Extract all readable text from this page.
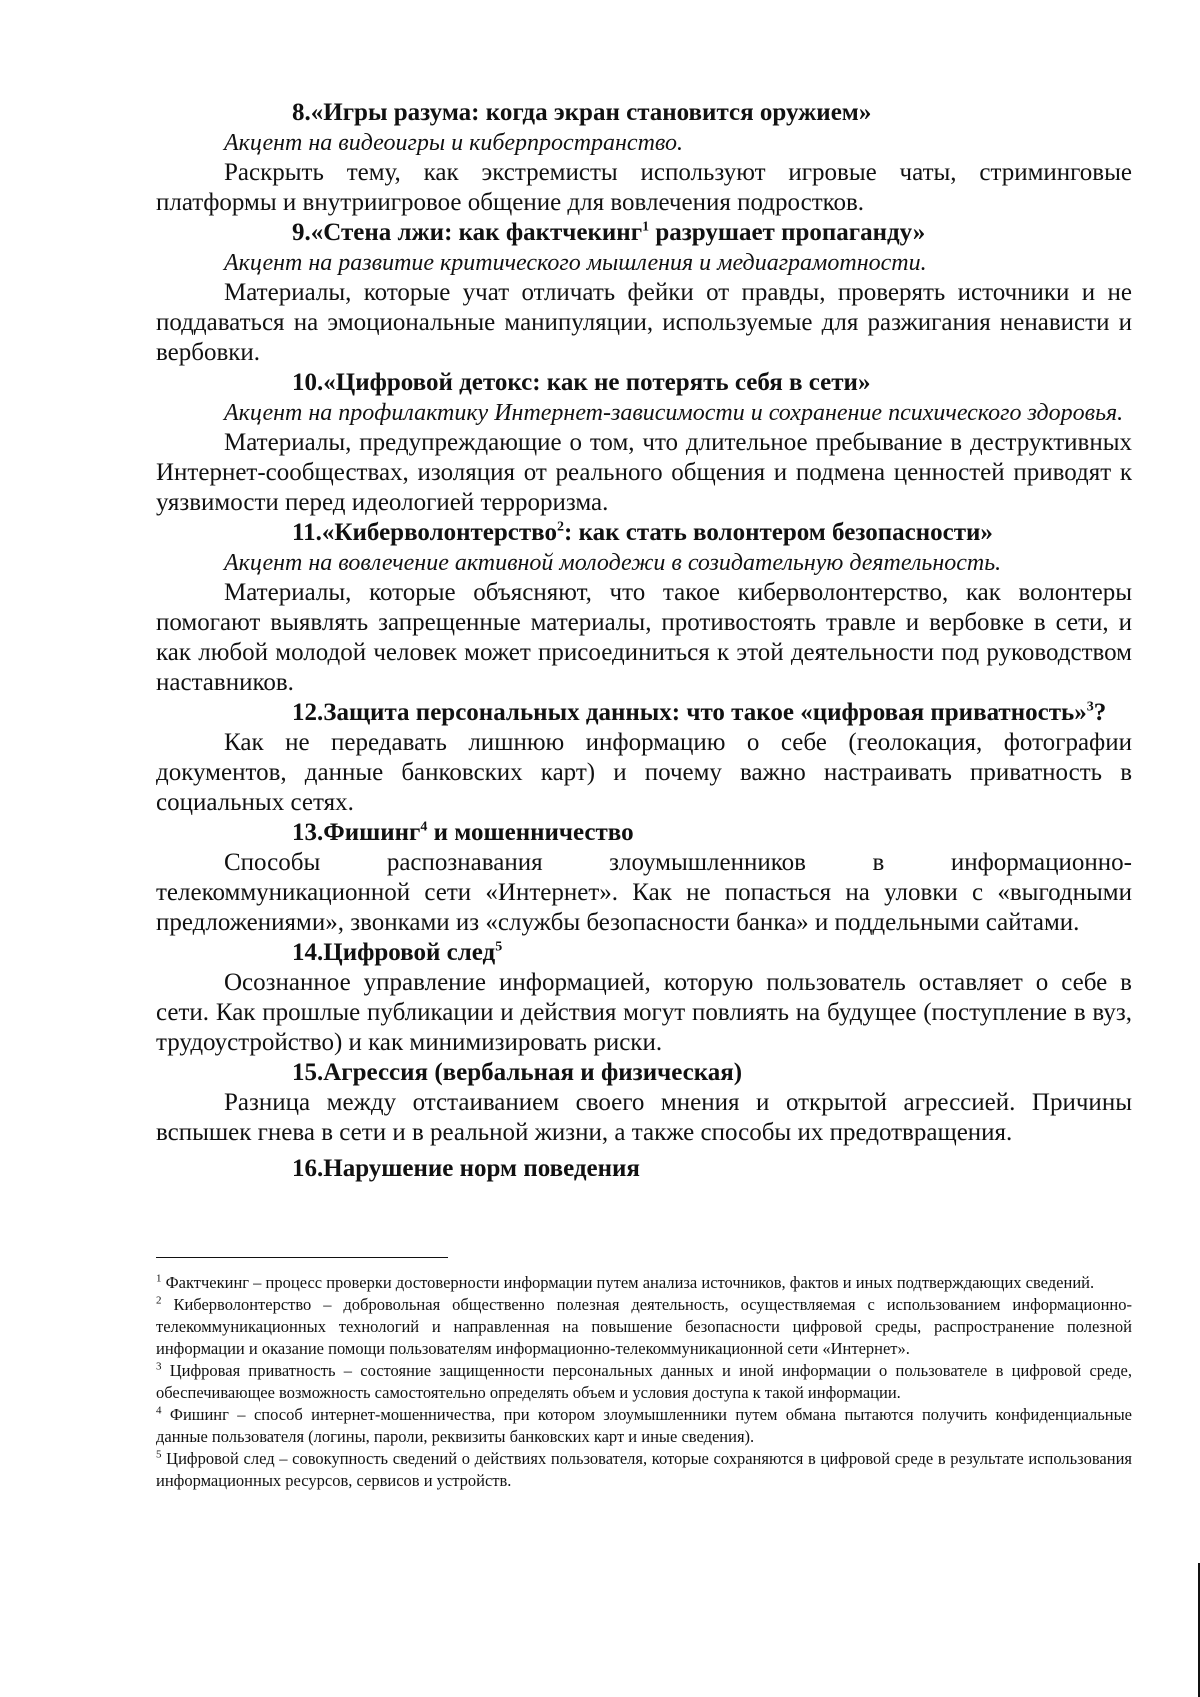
8.«Игры разума: когда экран становится оружием»

Акцент на видеоигры и киберпространство.

Раскрыть тему, как экстремисты используют игровые чаты, стриминговые платформы и внутриигровое общение для вовлечения подростков.

9.«Стена лжи: как фактчекинг$^1$ разрушает пропаганду»

Акцент на развитие критического мышления и медиаграмотности.

Материалы, которые учат отличать фейки от правды, проверять источники и не поддаваться на эмоциональные манипуляции, используемые для разжигания ненависти и вербовки.

10.«Цифровой детокс: как не потерять себя в сети»

Акцент на профилактику Интернет-зависимости и сохранение психического здоровья.

Материалы, предупреждающие о том, что длительное пребывание в деструктивных Интернет-сообществах, изоляция от реального общения и подмена ценностей приводят к уязвимости перед идеологией терроризма.

11.«Киберволонтерство$^2$: как стать волонтером безопасности»

Акцент на вовлечение активной молодежи в созидательную деятельность.

Материалы, которые объясняют, что такое киберволонтерство, как волонтеры помогают выявлять запрещенные материалы, противостоять травле и вербовке в сети, и как любой молодой человек может присоединиться к этой деятельности под руководством наставников.

12.Защита персональных данных: что такое «цифровая приватность»$^3$?

Как не передавать лишнюю информацию о себе (геолокация, фотографии документов, данные банковских карт) и почему важно настраивать приватность в социальных сетях.

13.Фишинг$^4$ и мошенничество

Способы распознавания злоумышленников в информационно-телекоммуникационной сети «Интернет». Как не попасться на уловки с «выгодными предложениями», звонками из «службы безопасности банка» и поддельными сайтами.

14.Цифровой след$^5$

Осознанное управление информацией, которую пользователь оставляет о себе в сети. Как прошлые публикации и действия могут повлиять на будущее (поступление в вуз, трудоустройство) и как минимизировать риски.

15.Агрессия (вербальная и физическая)

Разница между отстаиванием своего мнения и открытой агрессией. Причины вспышек гнева в сети и в реальной жизни, а также способы их предотвращения.

16.Нарушение норм поведения

$^1$ Фактчекинг – процесс проверки достоверности информации путем анализа источников, фактов и иных подтверждающих сведений.

$^2$ Киберволонтерство – добровольная общественно полезная деятельность, осуществляемая с использованием информационно-телекоммуникационных технологий и направленная на повышение безопасности цифровой среды, распространение полезной информации и оказание помощи пользователям информационно-телекоммуникационной сети «Интернет».

$^3$ Цифровая приватность – состояние защищенности персональных данных и иной информации о пользователе в цифровой среде, обеспечивающее возможность самостоятельно определять объем и условия доступа к такой информации.

$^4$ Фишинг – способ интернет-мошенничества, при котором злоумышленники путем обмана пытаются получить конфиденциальные данные пользователя (логины, пароли, реквизиты банковских карт и иные сведения).

$^5$ Цифровой след – совокупность сведений о действиях пользователя, которые сохраняются в цифровой среде в результате использования информационных ресурсов, сервисов и устройств.
